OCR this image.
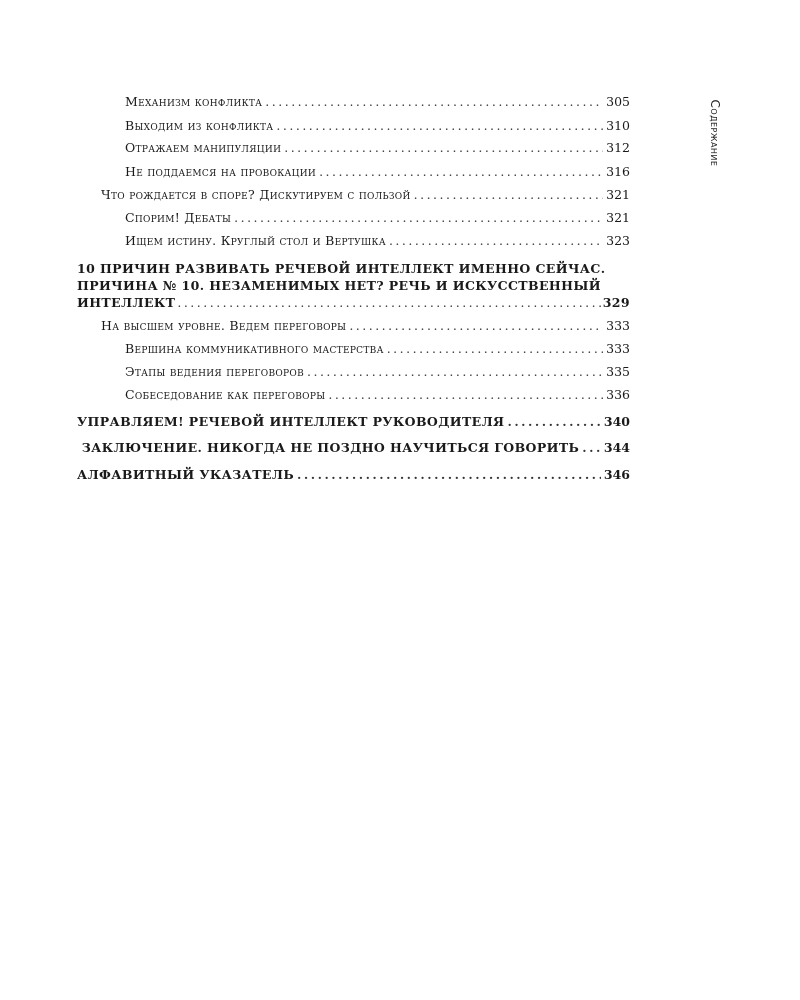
Содержание
Механизм конфликта .....	305
Выходим из конфликта .....	310
Отражаем манипуляции .....	312
Не поддаемся на провокации .....	316
Что рождается в споре? Дискутируем с пользой .....	321
Спорим! Дебаты .....	321
Ищем истину. Круглый стол и Вертушка .....	323
10 ПРИЧИН РАЗВИВАТЬ РЕЧЕВОЙ ИНТЕЛЛЕКТ ИМЕННО СЕЙЧАС.
ПРИЧИНА № 10. НЕЗАМЕНИМЫХ НЕТ? РЕЧЬ И ИСКУССТВЕННЫЙ
ИНТЕЛЛЕКТ .....	329
На высшем уровне. Ведем переговоры .....	333
Вершина коммуникативного мастерства .....	333
Этапы ведения переговоров .....	335
Собеседование как переговоры .....	336
УПРАВЛЯЕМ! РЕЧЕВОЙ ИНТЕЛЛЕКТ РУКОВОДИТЕЛЯ .....	340
ЗАКЛЮЧЕНИЕ. НИКОГДА НЕ ПОЗДНО НАУЧИТЬСЯ ГОВОРИТЬ ..... 344
АЛФАВИТНЫЙ УКАЗАТЕЛЬ .....	346
